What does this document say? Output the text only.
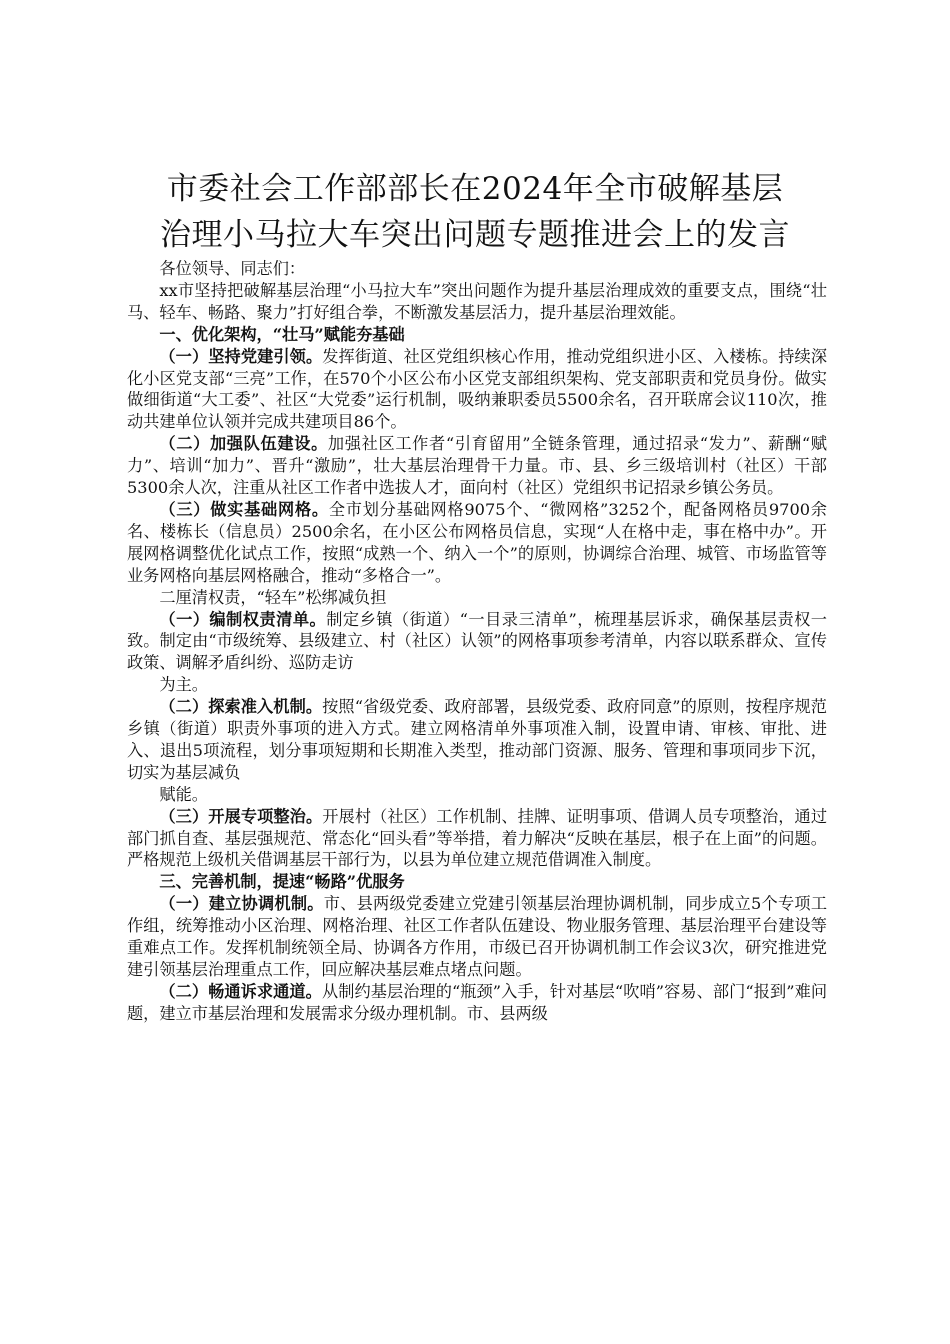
市委社会工作部部长在2024年全市破解基层
治理小马拉大车突出问题专题推进会上的发言

各位领导、同志们：

xx市坚持把破解基层治理“小马拉大车”突出问题作为提升基层治理成效的重要支点，围绕“壮马、轻车、畅路、聚力”打好组合拳，不断激发基层活力，提升基层治理效能。

一、优化架构，“壮马”赋能夯基础

（一）坚持党建引领。发挥街道、社区党组织核心作用，推动党组织进小区、入楼栋。持续深化小区党支部“三亮”工作，在570个小区公布小区党支部组织架构、党支部职责和党员身份。做实做细街道“大工委”、社区“大党委”运行机制，吸纳兼职委员5500余名，召开联席会议110次，推动共建单位认领并完成共建项目86个。

（二）加强队伍建设。加强社区工作者“引育留用”全链条管理，通过招录“发力”、薪酬“赋力”、培训“加力”、晋升“激励”，壮大基层治理骨干力量。市、县、乡三级培训村（社区）干部5300余人次，注重从社区工作者中选拔人才，面向村（社区）党组织书记招录乡镇公务员。

（三）做实基础网格。全市划分基础网格9075个、“微网格”3252个，配备网格员9700余名、楼栋长（信息员）2500余名，在小区公布网格员信息，实现“人在格中走，事在格中办”。开展网格调整优化试点工作，按照“成熟一个、纳入一个”的原则，协调综合治理、城管、市场监管等业务网格向基层网格融合，推动“多格合一”。

二厘清权责，“轻车”松绑减负担

（一）编制权责清单。制定乡镇（街道）“一目录三清单”，梳理基层诉求，确保基层责权一致。制定由“市级统筹、县级建立、村（社区）认领”的网格事项参考清单，内容以联系群众、宣传政策、调解矛盾纠纷、巡防走访

为主。

（二）探索准入机制。按照“省级党委、政府部署，县级党委、政府同意”的原则，按程序规范乡镇（街道）职责外事项的进入方式。建立网格清单外事项准入制，设置申请、审核、审批、进入、退出5项流程，划分事项短期和长期准入类型，推动部门资源、服务、管理和事项同步下沉，切实为基层减负

赋能。

（三）开展专项整治。开展村（社区）工作机制、挂牌、证明事项、借调人员专项整治，通过部门抓自查、基层强规范、常态化“回头看”等举措，着力解决“反映在基层，根子在上面”的问题。严格规范上级机关借调基层干部行为，以县为单位建立规范借调准入制度。

三、完善机制，提速“畅路”优服务

（一）建立协调机制。市、县两级党委建立党建引领基层治理协调机制，同步成立5个专项工作组，统筹推动小区治理、网格治理、社区工作者队伍建设、物业服务管理、基层治理平台建设等重难点工作。发挥机制统领全局、协调各方作用，市级已召开协调机制工作会议3次，研究推进党建引领基层治理重点工作，回应解决基层难点堵点问题。

（二）畅通诉求通道。从制约基层治理的“瓶颈”入手，针对基层“吹哨”容易、部门“报到”难问题，建立市基层治理和发展需求分级办理机制。市、县两级
